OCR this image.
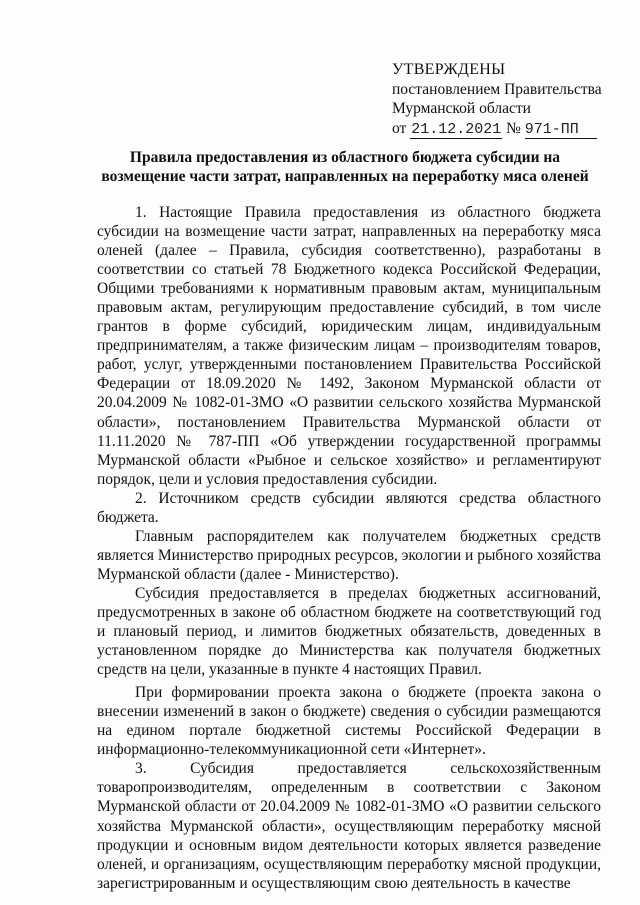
УТВЕРЖДЕНЫ
постановлением Правительства
Мурманской области
от 21.12.2021 № 971-ПП
Правила предоставления из областного бюджета субсидии на
возмещение части затрат, направленных на переработку мяса оленей

1. Настоящие Правила предоставления из областного бюджета субсидии на возмещение части затрат, направленных на переработку мяса оленей (далее – Правила, субсидия соответственно), разработаны в соответствии со статьей 78 Бюджетного кодекса Российской Федерации, Общими требованиями к нормативным правовым актам, муниципальным правовым актам, регулирующим предоставление субсидий, в том числе грантов в форме субсидий, юридическим лицам, индивидуальным предпринимателям, а также физическим лицам – производителям товаров, работ, услуг, утвержденными постановлением Правительства Российской Федерации от 18.09.2020 № 1492, Законом Мурманской области от 20.04.2009 № 1082-01-ЗМО «О развитии сельского хозяйства Мурманской области», постановлением Правительства Мурманской области от 11.11.2020 № 787-ПП «Об утверждении государственной программы Мурманской области «Рыбное и сельское хозяйство» и регламентируют порядок, цели и условия предоставления субсидии.

2. Источником средств субсидии являются средства областного бюджета.

Главным распорядителем как получателем бюджетных средств является Министерство природных ресурсов, экологии и рыбного хозяйства Мурманской области (далее - Министерство).

Субсидия предоставляется в пределах бюджетных ассигнований, предусмотренных в законе об областном бюджете на соответствующий год и плановый период, и лимитов бюджетных обязательств, доведенных в установленном порядке до Министерства как получателя бюджетных средств на цели, указанные в пункте 4 настоящих Правил.

При формировании проекта закона о бюджете (проекта закона о внесении изменений в закон о бюджете) сведения о субсидии размещаются на едином портале бюджетной системы Российской Федерации в информационно-телекоммуникационной сети «Интернет».

3. Субсидия предоставляется сельскохозяйственным товаропроизводителям, определенным в соответствии с Законом Мурманской области от 20.04.2009 № 1082-01-ЗМО «О развитии сельского хозяйства Мурманской области», осуществляющим переработку мясной продукции и основным видом деятельности которых является разведение оленей, и организациям, осуществляющим переработку мясной продукции, зарегистрированным и осуществляющим свою деятельность в качестве
